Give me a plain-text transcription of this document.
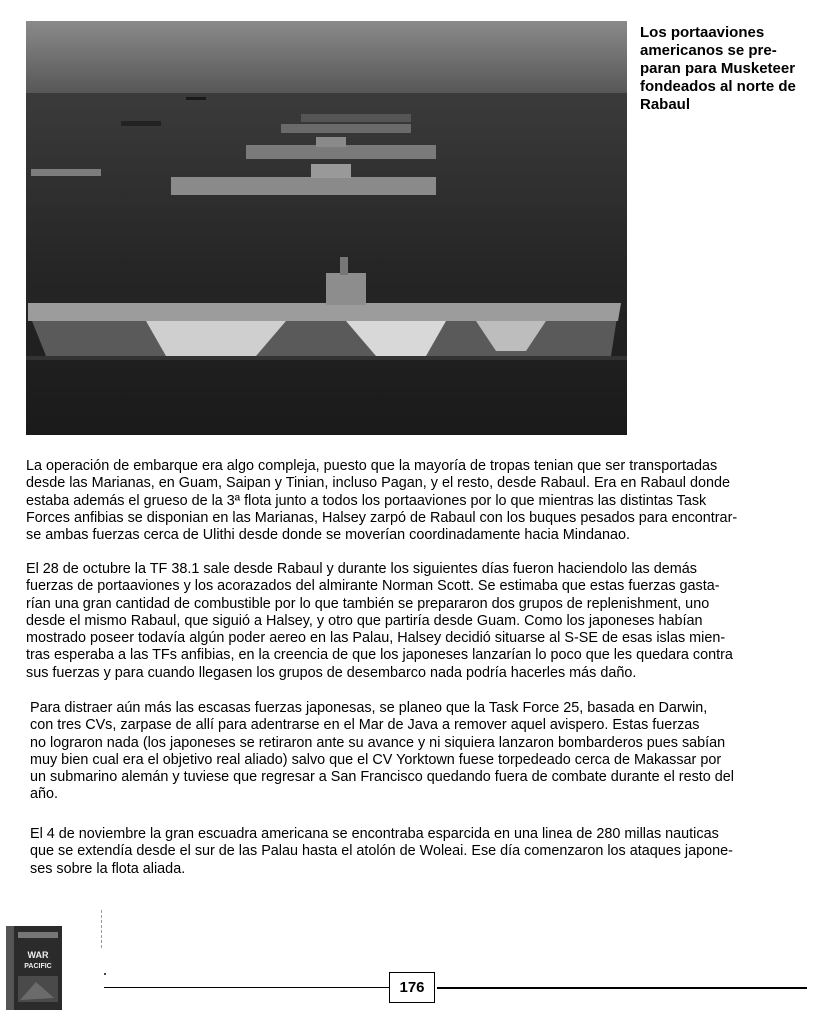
Los portaaviones
americanos se pre-
paran para Musketeer
fondeados al norte de
Rabaul
La operación de embarque era algo compleja, puesto que la mayoría de tropas tenian que ser transportadas
desde las Marianas, en Guam, Saipan y Tinian, incluso Pagan, y el resto, desde Rabaul. Era en Rabaul donde
estaba además el grueso de la 3ª flota junto a todos los portaaviones por lo que mientras las distintas Task
Forces anfibias se disponian en las Marianas, Halsey zarpó de Rabaul con los buques pesados para encontrar-
se ambas fuerzas cerca de Ulithi desde donde se moverían coordinadamente hacia Mindanao.
El 28 de octubre la TF 38.1 sale desde Rabaul y durante los siguientes días fueron haciendolo las demás
fuerzas de portaaviones y los acorazados del almirante Norman Scott. Se estimaba que estas fuerzas gasta-
rían una gran cantidad de combustible por lo que también se prepararon dos grupos de replenishment, uno
desde el mismo Rabaul, que siguió a Halsey, y otro que partiría desde Guam. Como los japoneses habían
mostrado poseer todavía algún poder aereo en las Palau, Halsey decidió situarse al S-SE de esas islas mien-
tras esperaba a las TFs anfibias, en la creencia de que los japoneses lanzarían lo poco que les quedara contra
sus fuerzas y para cuando llegasen los grupos de desembarco nada podría hacerles más daño.
Para distraer aún más las escasas fuerzas japonesas, se planeo que la Task Force 25, basada en Darwin,
con tres CVs, zarpase de allí para adentrarse en el Mar de Java a remover aquel avispero. Estas fuerzas
no lograron nada (los japoneses se retiraron ante su avance y ni siquiera lanzaron bombarderos pues sabían
muy bien cual era el objetivo real aliado) salvo que el CV Yorktown fuese torpedeado cerca de Makassar por
un submarino alemán y tuviese que regresar a San Francisco quedando fuera de combate durante el resto del
año.
El 4 de noviembre la gran escuadra americana se encontraba esparcida en una linea de 280 millas nauticas
que se extendía desde el sur de las Palau hasta el atolón de Woleai. Ese día comenzaron los ataques japone-
ses sobre la flota aliada.
WAR
PACIFIC
176
